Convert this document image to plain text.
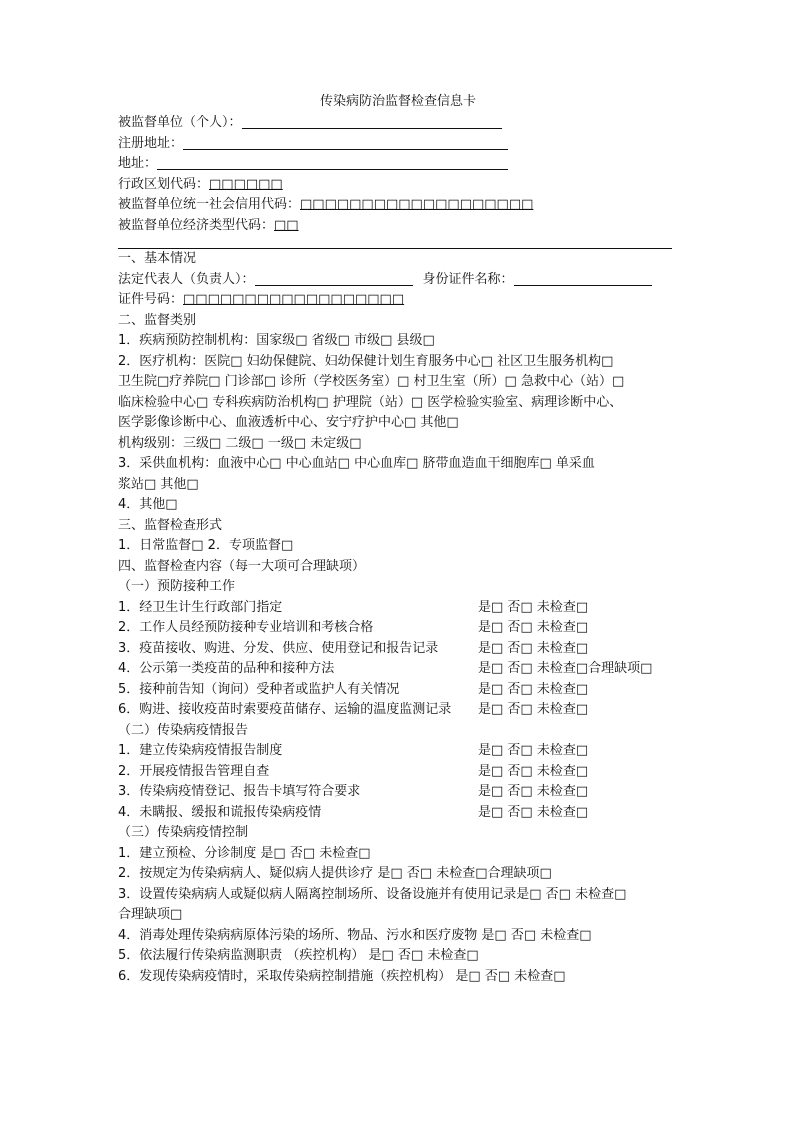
传染病防治监督检查信息卡
被监督单位（个人）：
注册地址：
地址：
行政区划代码：□□□□□□
被监督单位统一社会信用代码：□□□□□□□□□□□□□□□□□□□
被监督单位经济类型代码：□□
一、基本情况
法定代表人（负责人）：	身份证件名称：
证件号码：□□□□□□□□□□□□□□□□□□
二、监督类别
1．疾病预防控制机构：国家级□ 省级□ 市级□ 县级□
2．医疗机构：医院□ 妇幼保健院、妇幼保健计划生育服务中心□ 社区卫生服务机构□
卫生院□疗养院□ 门诊部□ 诊所（学校医务室）□ 村卫生室（所）□ 急救中心（站）□
临床检验中心□ 专科疾病防治机构□ 护理院（站）□ 医学检验实验室、病理诊断中心、
医学影像诊断中心、血液透析中心、安宁疗护中心□ 其他□
机构级别：三级□ 二级□ 一级□ 未定级□
3．采供血机构：血液中心□ 中心血站□ 中心血库□ 脐带血造血干细胞库□ 单采血
浆站□ 其他□
4．其他□
三、监督检查形式
1．日常监督□ 2．专项监督□
四、监督检查内容（每一大项可合理缺项）
（一）预防接种工作
1．经卫生计生行政部门指定	是□ 否□ 未检查□
2．工作人员经预防接种专业培训和考核合格	是□ 否□ 未检查□
3．疫苗接收、购进、分发、供应、使用登记和报告记录	是□ 否□ 未检查□
4．公示第一类疫苗的品种和接种方法	是□ 否□ 未检查□合理缺项□
5．接种前告知（询问）受种者或监护人有关情况	是□ 否□ 未检查□
6．购进、接收疫苗时索要疫苗储存、运输的温度监测记录 是□ 否□ 未检查□
（二）传染病疫情报告
1．建立传染病疫情报告制度	是□ 否□ 未检查□
2．开展疫情报告管理自查	是□ 否□ 未检查□
3．传染病疫情登记、报告卡填写符合要求	是□ 否□ 未检查□
4．未瞒报、缓报和谎报传染病疫情	是□ 否□ 未检查□
（三）传染病疫情控制
1．建立预检、分诊制度 是□ 否□ 未检查□
2．按规定为传染病病人、疑似病人提供诊疗 是□ 否□ 未检查□合理缺项□
3．设置传染病病人或疑似病人隔离控制场所、设备设施并有使用记录是□ 否□ 未检查□
合理缺项□
4．消毒处理传染病病原体污染的场所、物品、污水和医疗废物 是□ 否□ 未检查□
5．依法履行传染病监测职责 （疾控机构） 是□ 否□ 未检查□
6．发现传染病疫情时，采取传染病控制措施（疾控机构） 是□ 否□ 未检查□
